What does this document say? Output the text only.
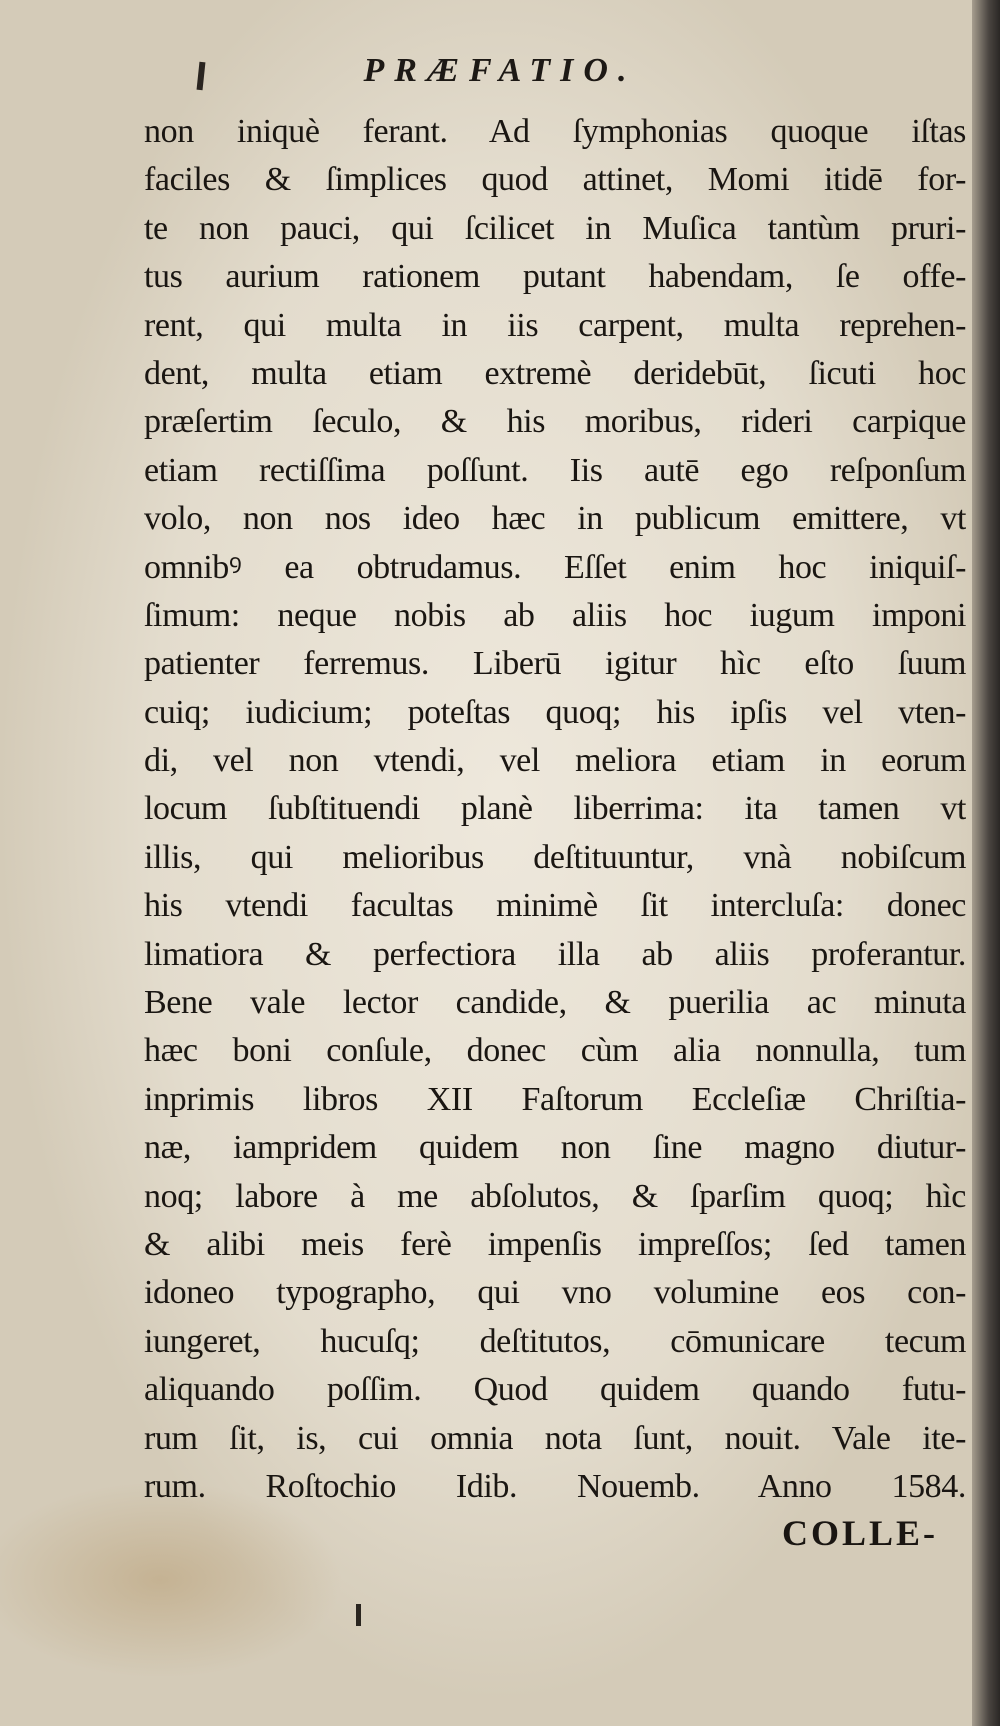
PRÆFATIO.
non iniquè ferant. Ad ſymphonias quoque iſtas
faciles & ſimplices quod attinet, Momi itidē for-
te non pauci, qui ſcilicet in Muſica tantùm pruri-
tus aurium rationem putant habendam, ſe offe-
rent, qui multa in iis carpent, multa reprehen-
dent, multa etiam extremè deridebūt, ſicuti hoc
præſertim ſeculo, & his moribus, rideri carpique
etiam rectiſſima poſſunt. Iis autē ego reſponſum
volo, non nos ideo hæc in publicum emittere, vt
omnibꝰ ea obtrudamus. Eſſet enim hoc iniquiſ-
ſimum: neque nobis ab aliis hoc iugum imponi
patienter ferremus. Liberū igitur hìc eſto ſuum
cuiq; iudicium; poteſtas quoq; his ipſis vel vten-
di, vel non vtendi, vel meliora etiam in eorum
locum ſubſtituendi planè liberrima: ita tamen vt
illis, qui melioribus deſtituuntur, vnà nobiſcum
his vtendi facultas minimè ſit intercluſa: donec
limatiora & perfectiora illa ab aliis proferantur.
Bene vale lector candide, & puerilia ac minuta
hæc boni conſule, donec cùm alia nonnulla, tum
inprimis libros XII Faſtorum Eccleſiæ Chriſtia-
næ, iampridem quidem non ſine magno diutur-
noq; labore à me abſolutos, & ſparſim quoq; hìc
& alibi meis ferè impenſis impreſſos; ſed tamen
idoneo typographo, qui vno volumine eos con-
iungeret, hucuſq; deſtitutos, cōmunicare tecum
aliquando poſſim. Quod quidem quando futu-
rum ſit, is, cui omnia nota ſunt, nouit. Vale ite-
rum. Roſtochio Idib. Nouemb. Anno 1584.
COLLE-
